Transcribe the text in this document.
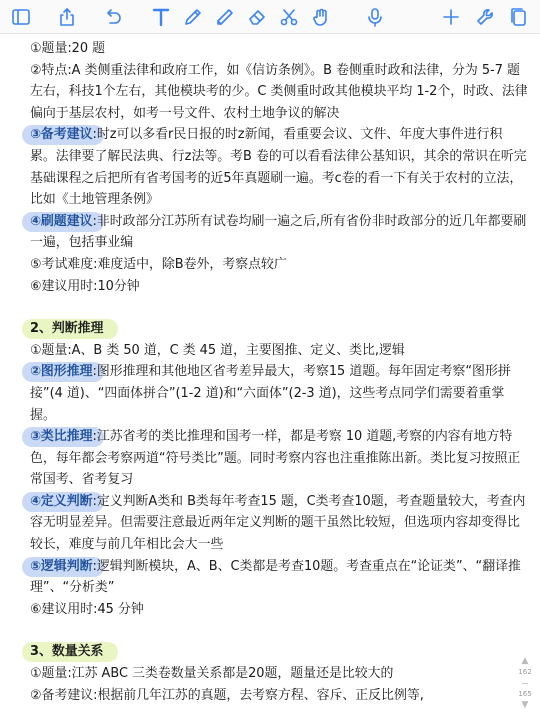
①题量:20 题
②特点:A 类侧重法律和政府工作，如《信访条例》。B 卷侧重时政和法律，分为 5-7 题左右，科技1个左右，其他模块考的少。C 类侧重时政其他模块平均 1-2个，时政、法律偏向于基层农村，如考一号文件、农村土地争议的解决
③备考建议:时z可以多看r民日报的时z新闻，看重要会议、文件、年度大事件进行积累。法律要了解民法典、行z法等。考B 卷的可以看看法律公基知识，其余的常识在听完基础课程之后把所有省考国考的近5年真题刷一遍。考c卷的看一下有关于农村的立法，比如《土地管理条例》
④刷题建议:非时政部分江苏所有试卷均刷一遍之后,所有省份非时政部分的近几年都要刷一遍，包括事业编
⑤考试难度:难度适中，除B卷外，考察点较广
⑥建议用时:10分钟
2、判断推理
①题量:A、B 类 50 道，C 类 45 道，主要图推、定义、类比,逻辑
②图形推理:图形推理和其他地区省考差异最大，考察15 道题。每年固定考察“图形拼接”(4 道)、“四面体拼合”(1-2 道)和“六面体”(2-3 道)，这些考点同学们需要着重掌握。
③类比推理:江苏省考的类比推理和国考一样，都是考察 10 道题,考察的内容有地方特色，每年都会考察两道“符号类比”题。同时考察内容也注重推陈出新。类比复习按照正常国考、省考复习
④定义判断:定义判断A类和 B类每年考查15 题，C类考查10题，考查题量较大，考查内容无明显差异。但需要注意最近两年定义判断的题干虽然比较短，但选项内容却变得比较长，难度与前几年相比会大一些
⑤逻辑判断:逻辑判断模块，A、B、C类都是考查10题。考查重点在“论证类”、“翻译推理”、“分析类”
⑥建议用时:45 分钟
3、数量关系
①题量:江苏 ABC 三类卷数量关系都是20题，题量还是比较大的
②备考建议:根据前几年江苏的真题，去考察方程、容斥、正反比例等,
▲
162
—
165
▼
